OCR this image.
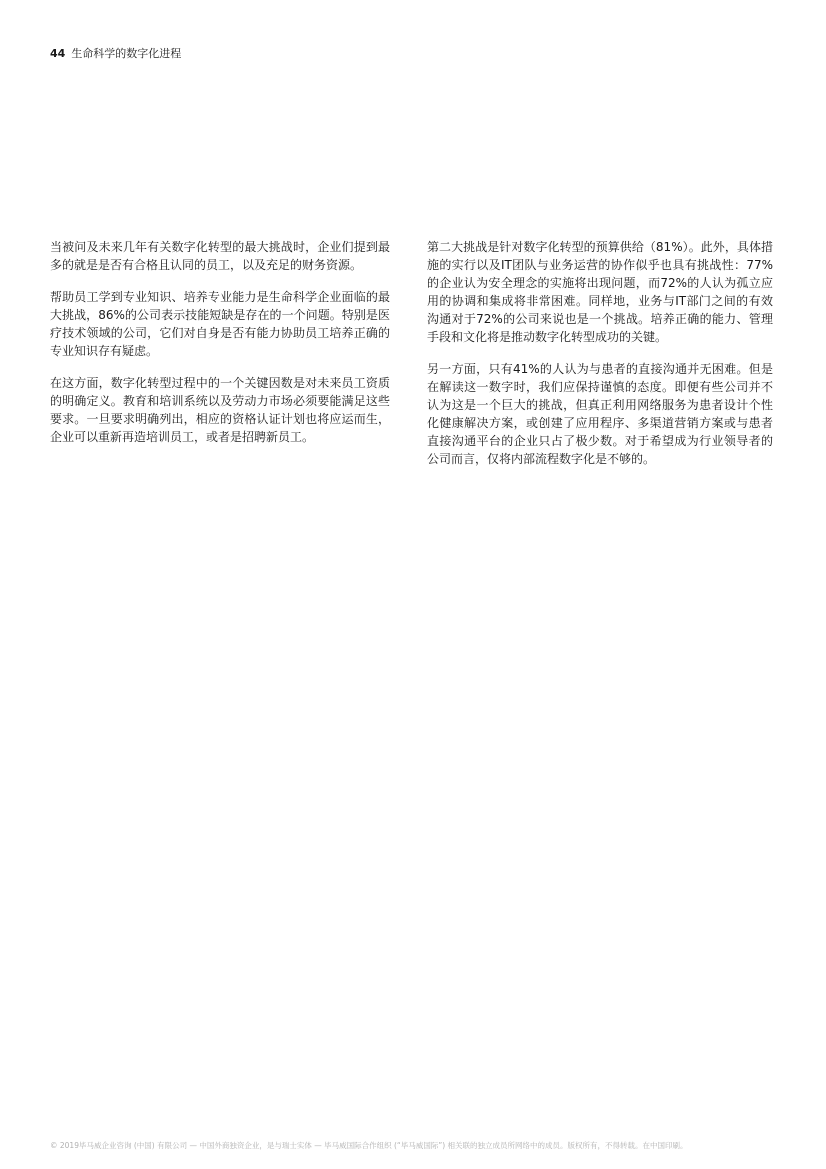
44 生命科学的数字化进程

当被问及未来几年有关数字化转型的最大挑战时，企业们提到最多的就是是否有合格且认同的员工，以及充足的财务资源。

帮助员工学到专业知识、培养专业能力是生命科学企业面临的最大挑战，86%的公司表示技能短缺是存在的一个问题。特别是医疗技术领域的公司，它们对自身是否有能力协助员工培养正确的专业知识存有疑虑。

在这方面，数字化转型过程中的一个关键因数是对未来员工资质的明确定义。教育和培训系统以及劳动力市场必须要能满足这些要求。一旦要求明确列出，相应的资格认证计划也将应运而生，企业可以重新再造培训员工，或者是招聘新员工。

第二大挑战是针对数字化转型的预算供给（81%）。此外，具体措施的实行以及IT团队与业务运营的协作似乎也具有挑战性：77%的企业认为安全理念的实施将出现问题，而72%的人认为孤立应用的协调和集成将非常困难。同样地，业务与IT部门之间的有效沟通对于72%的公司来说也是一个挑战。培养正确的能力、管理手段和文化将是推动数字化转型成功的关键。

另一方面，只有41%的人认为与患者的直接沟通并无困难。但是在解读这一数字时，我们应保持谨慎的态度。即便有些公司并不认为这是一个巨大的挑战，但真正利用网络服务为患者设计个性化健康解决方案，或创建了应用程序、多渠道营销方案或与患者直接沟通平台的企业只占了极少数。对于希望成为行业领导者的公司而言，仅将内部流程数字化是不够的。

© 2019毕马威企业咨询 (中国) 有限公司 — 中国外商独资企业，是与瑞士实体 — 毕马威国际合作组织 (“毕马威国际”) 相关联的独立成员所网络中的成员。版权所有，不得转载。在中国印刷。
